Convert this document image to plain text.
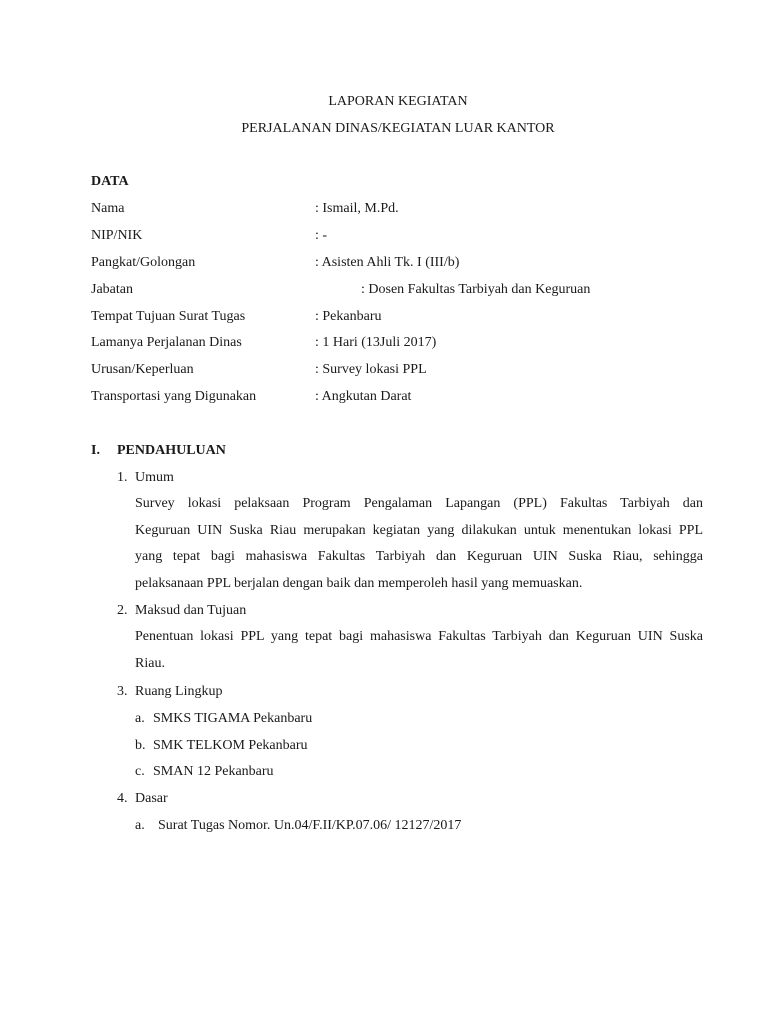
LAPORAN KEGIATAN
PERJALANAN DINAS/KEGIATAN LUAR KANTOR
DATA
Nama	: Ismail, M.Pd.
NIP/NIK	: -
Pangkat/Golongan	: Asisten Ahli Tk. I (III/b)
Jabatan	: Dosen Fakultas Tarbiyah dan Keguruan
Tempat Tujuan Surat Tugas	: Pekanbaru
Lamanya Perjalanan Dinas	: 1 Hari (13Juli 2017)
Urusan/Keperluan	: Survey lokasi PPL
Transportasi yang Digunakan	: Angkutan Darat
I. PENDAHULUAN
1. Umum
Survey lokasi pelaksaan Program Pengalaman Lapangan (PPL) Fakultas Tarbiyah dan
Keguruan UIN Suska Riau merupakan kegiatan yang dilakukan untuk menentukan lokasi PPL
yang tepat bagi mahasiswa Fakultas Tarbiyah dan Keguruan UIN Suska Riau, sehingga
pelaksanaan PPL berjalan dengan baik dan memperoleh hasil yang memuaskan.
2. Maksud dan Tujuan
Penentuan lokasi PPL yang tepat bagi mahasiswa Fakultas Tarbiyah dan Keguruan UIN Suska
Riau.
3. Ruang Lingkup
a. SMKS TIGAMA Pekanbaru
b. SMK TELKOM Pekanbaru
c. SMAN 12 Pekanbaru
4. Dasar
a. Surat Tugas Nomor. Un.04/F.II/KP.07.06/ 12127/2017
